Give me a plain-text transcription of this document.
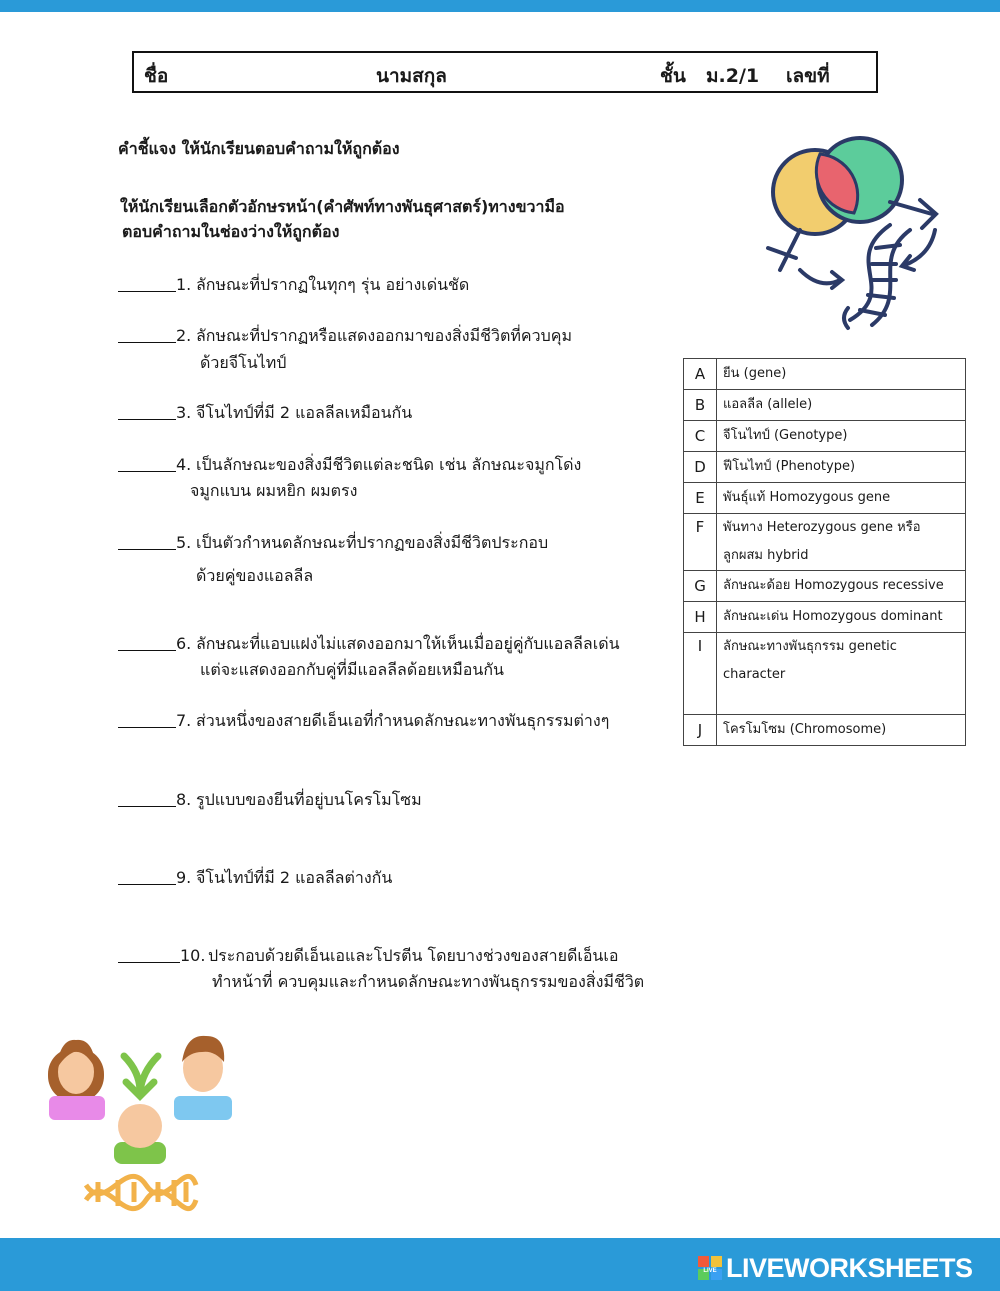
ชื่อ	นามสกุล	ชั้น ม.2/1 เลขที่
คำชี้แจง ให้นักเรียนตอบคำถามให้ถูกต้อง
ให้นักเรียนเลือกตัวอักษรหน้า(คำศัพท์ทางพันธุศาสตร์)ทางขวามือ
ตอบคำถามในช่องว่างให้ถูกต้อง
1. ลักษณะที่ปรากฏในทุกๆ รุ่น อย่างเด่นชัด
2. ลักษณะที่ปรากฏหรือแสดงออกมาของสิ่งมีชีวิตที่ควบคุม
ด้วยจีโนไทป์
3. จีโนไทป์ที่มี 2 แอลลีลเหมือนกัน
4. เป็นลักษณะของสิ่งมีชีวิตแต่ละชนิด เช่น ลักษณะจมูกโด่ง
จมูกแบน ผมหยิก ผมตรง
5. เป็นตัวกำหนดลักษณะที่ปรากฏของสิ่งมีชีวิตประกอบ
ด้วยคู่ของแอลลีล
6. ลักษณะที่แอบแฝงไม่แสดงออกมาให้เห็นเมื่ออยู่คู่กับแอลลีลเด่น
แต่จะแสดงออกกับคู่ที่มีแอลลีลด้อยเหมือนกัน
7. ส่วนหนึ่งของสายดีเอ็นเอที่กำหนดลักษณะทางพันธุกรรมต่างๆ
8. รูปแบบของยีนที่อยู่บนโครโมโซม
9. จีโนไทป์ที่มี 2 แอลลีลต่างกัน
10. ประกอบด้วยดีเอ็นเอและโปรตีน โดยบางช่วงของสายดีเอ็นเอ
ทำหน้าที่ ควบคุมและกำหนดลักษณะทางพันธุกรรมของสิ่งมีชีวิต
A	ยีน (gene)
B	แอลลีล (allele)
C	จีโนไทป์ (Genotype)
D	ฟีโนไทป์ (Phenotype)
E	พันธุ์แท้ Homozygous gene
F	พันทาง Heterozygous gene หรือ
ลูกผสม hybrid

G	ลักษณะด้อย Homozygous recessive
H	ลักษณะเด่น Homozygous dominant
I	ลักษณะทางพันธุกรรม genetic
character

J	โครโมโซม (Chromosome)
LIVE LIVEWORKSHEETS
